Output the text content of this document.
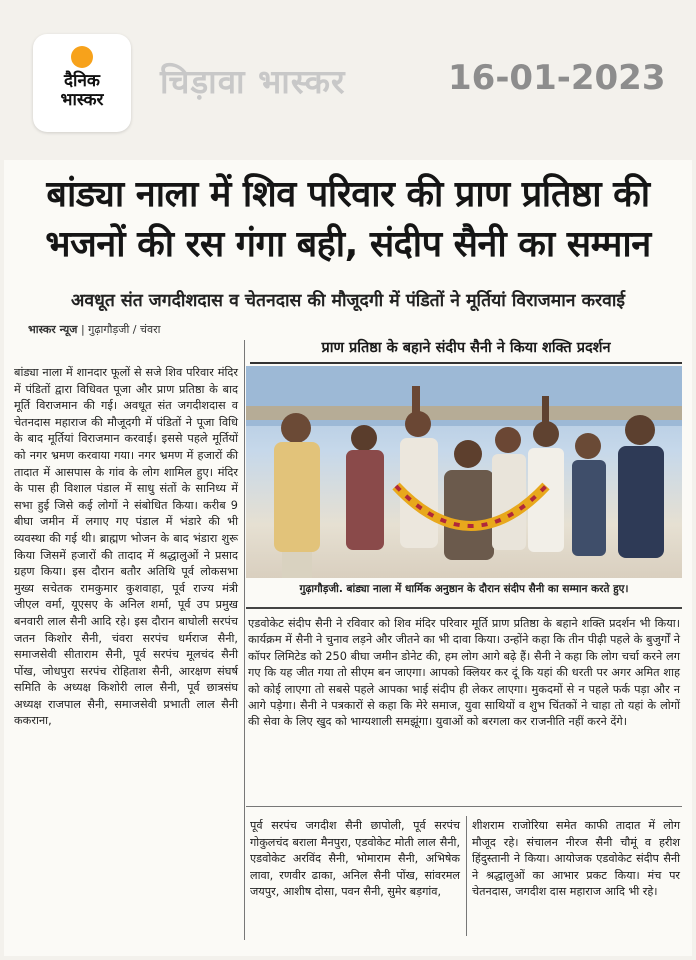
दैनिक
भास्कर	चिड़ावा भास्कर	16-01-2023
बांड्या नाला में शिव परिवार की प्राण प्रतिष्ठा की
भजनों की रस गंगा बही, संदीप सैनी का सम्मान
अवधूत संत जगदीशदास व चेतनदास की मौजूदगी में पंडितों ने मूर्तियां विराजमान करवाई
भास्कर न्यूज | गुढ़ागौड़जी / चंवरा
बांड्या नाला में शानदार फूलों से सजे शिव परिवार मंदिर में पंडितों द्वारा विधिवत पूजा और प्राण प्रतिष्ठा के बाद मूर्ति विराजमान की गई। अवधूत संत जगदीशदास व चेतनदास महाराज की मौजूदगी में पंडितों ने पूजा विधि के बाद मूर्तियां विराजमान करवाई। इससे पहले मूर्तियों को नगर भ्रमण करवाया गया। नगर भ्रमण में हजारों की तादात में आसपास के गांव के लोग शामिल हुए। मंदिर के पास ही विशाल पंडाल में साधु संतों के सानिध्य में सभा हुई जिसे कई लोगों ने संबोधित किया। करीब 9 बीघा जमीन में लगाए गए पंडाल में भंडारे की भी व्यवस्था की गई थी। ब्राह्मण भोजन के बाद भंडारा शुरू किया जिसमें हजारों की तादाद में श्रद्धालुओं ने प्रसाद ग्रहण किया। इस दौरान बतौर अतिथि पूर्व लोकसभा मुख्य सचेतक रामकुमार कुशवाहा, पूर्व राज्य मंत्री जीएल वर्मा, यूएसए के अनिल शर्मा, पूर्व उप प्रमुख बनवारी लाल सैनी आदि रहे। इस दौरान बाघोली सरपंच जतन किशोर सैनी, चंवरा सरपंच धर्मराज सैनी, समाजसेवी सीताराम सैनी, पूर्व सरपंच मूलचंद सैनी पोंख, जोधपुरा सरपंच रोहिताश सैनी, आरक्षण संघर्ष समिति के अध्यक्ष किशोरी लाल सैनी, पूर्व छात्रसंघ अध्यक्ष राजपाल सैनी, समाजसेवी प्रभाती लाल सैनी ककराना,
प्राण प्रतिष्ठा के बहाने संदीप सैनी ने किया शक्ति प्रदर्शन
गुढ़ागौड़जी. बांड्या नाला में धार्मिक अनुष्ठान के दौरान संदीप सैनी का सम्मान करते हुए।
एडवोकेट संदीप सैनी ने रविवार को शिव मंदिर परिवार मूर्ति प्राण प्रतिष्ठा के बहाने शक्ति प्रदर्शन भी किया। कार्यक्रम में सैनी ने चुनाव लड़ने और जीतने का भी दावा किया। उन्होंने कहा कि तीन पीढ़ी पहले के बुजुर्गों ने कॉपर लिमिटेड को 250 बीघा जमीन डोनेट की, हम लोग आगे बढ़े हैं। सैनी ने कहा कि लोग चर्चा करने लग गए कि यह जीत गया तो सीएम बन जाएगा। आपको क्लियर कर दूं कि यहां की धरती पर अगर अमित शाह को कोई लाएगा तो सबसे पहले आपका भाई संदीप ही लेकर लाएगा। मुकदमों से न पहले फर्क पड़ा और न आगे पड़ेगा। सैनी ने पत्रकारों से कहा कि मेरे समाज, युवा साथियों व शुभ चिंतकों ने चाहा तो यहां के लोगों की सेवा के लिए खुद को भाग्यशाली समझूंगा। युवाओं को बरगला कर राजनीति नहीं करने देंगे।
पूर्व सरपंच जगदीश सैनी छापोली, पूर्व सरपंच गोकुलचंद बराला मैनपुरा, एडवोकेट मोती लाल सैनी, एडवोकेट अरविंद सैनी, भोमाराम सैनी, अभिषेक लावा, रणवीर ढाका, अनिल सैनी पोंख, सांवरमल जयपुर, आशीष दोसा, पवन सैनी, सुमेर बड़गांव,
शीशराम राजोरिया समेत काफी तादात में लोग मौजूद रहे। संचालन नीरज सैनी चौमूं व हरीश हिंदुस्तानी ने किया। आयोजक एडवोकेट संदीप सैनी ने श्रद्धालुओं का आभार प्रकट किया। मंच पर चेतनदास, जगदीश दास महाराज आदि भी रहे।
